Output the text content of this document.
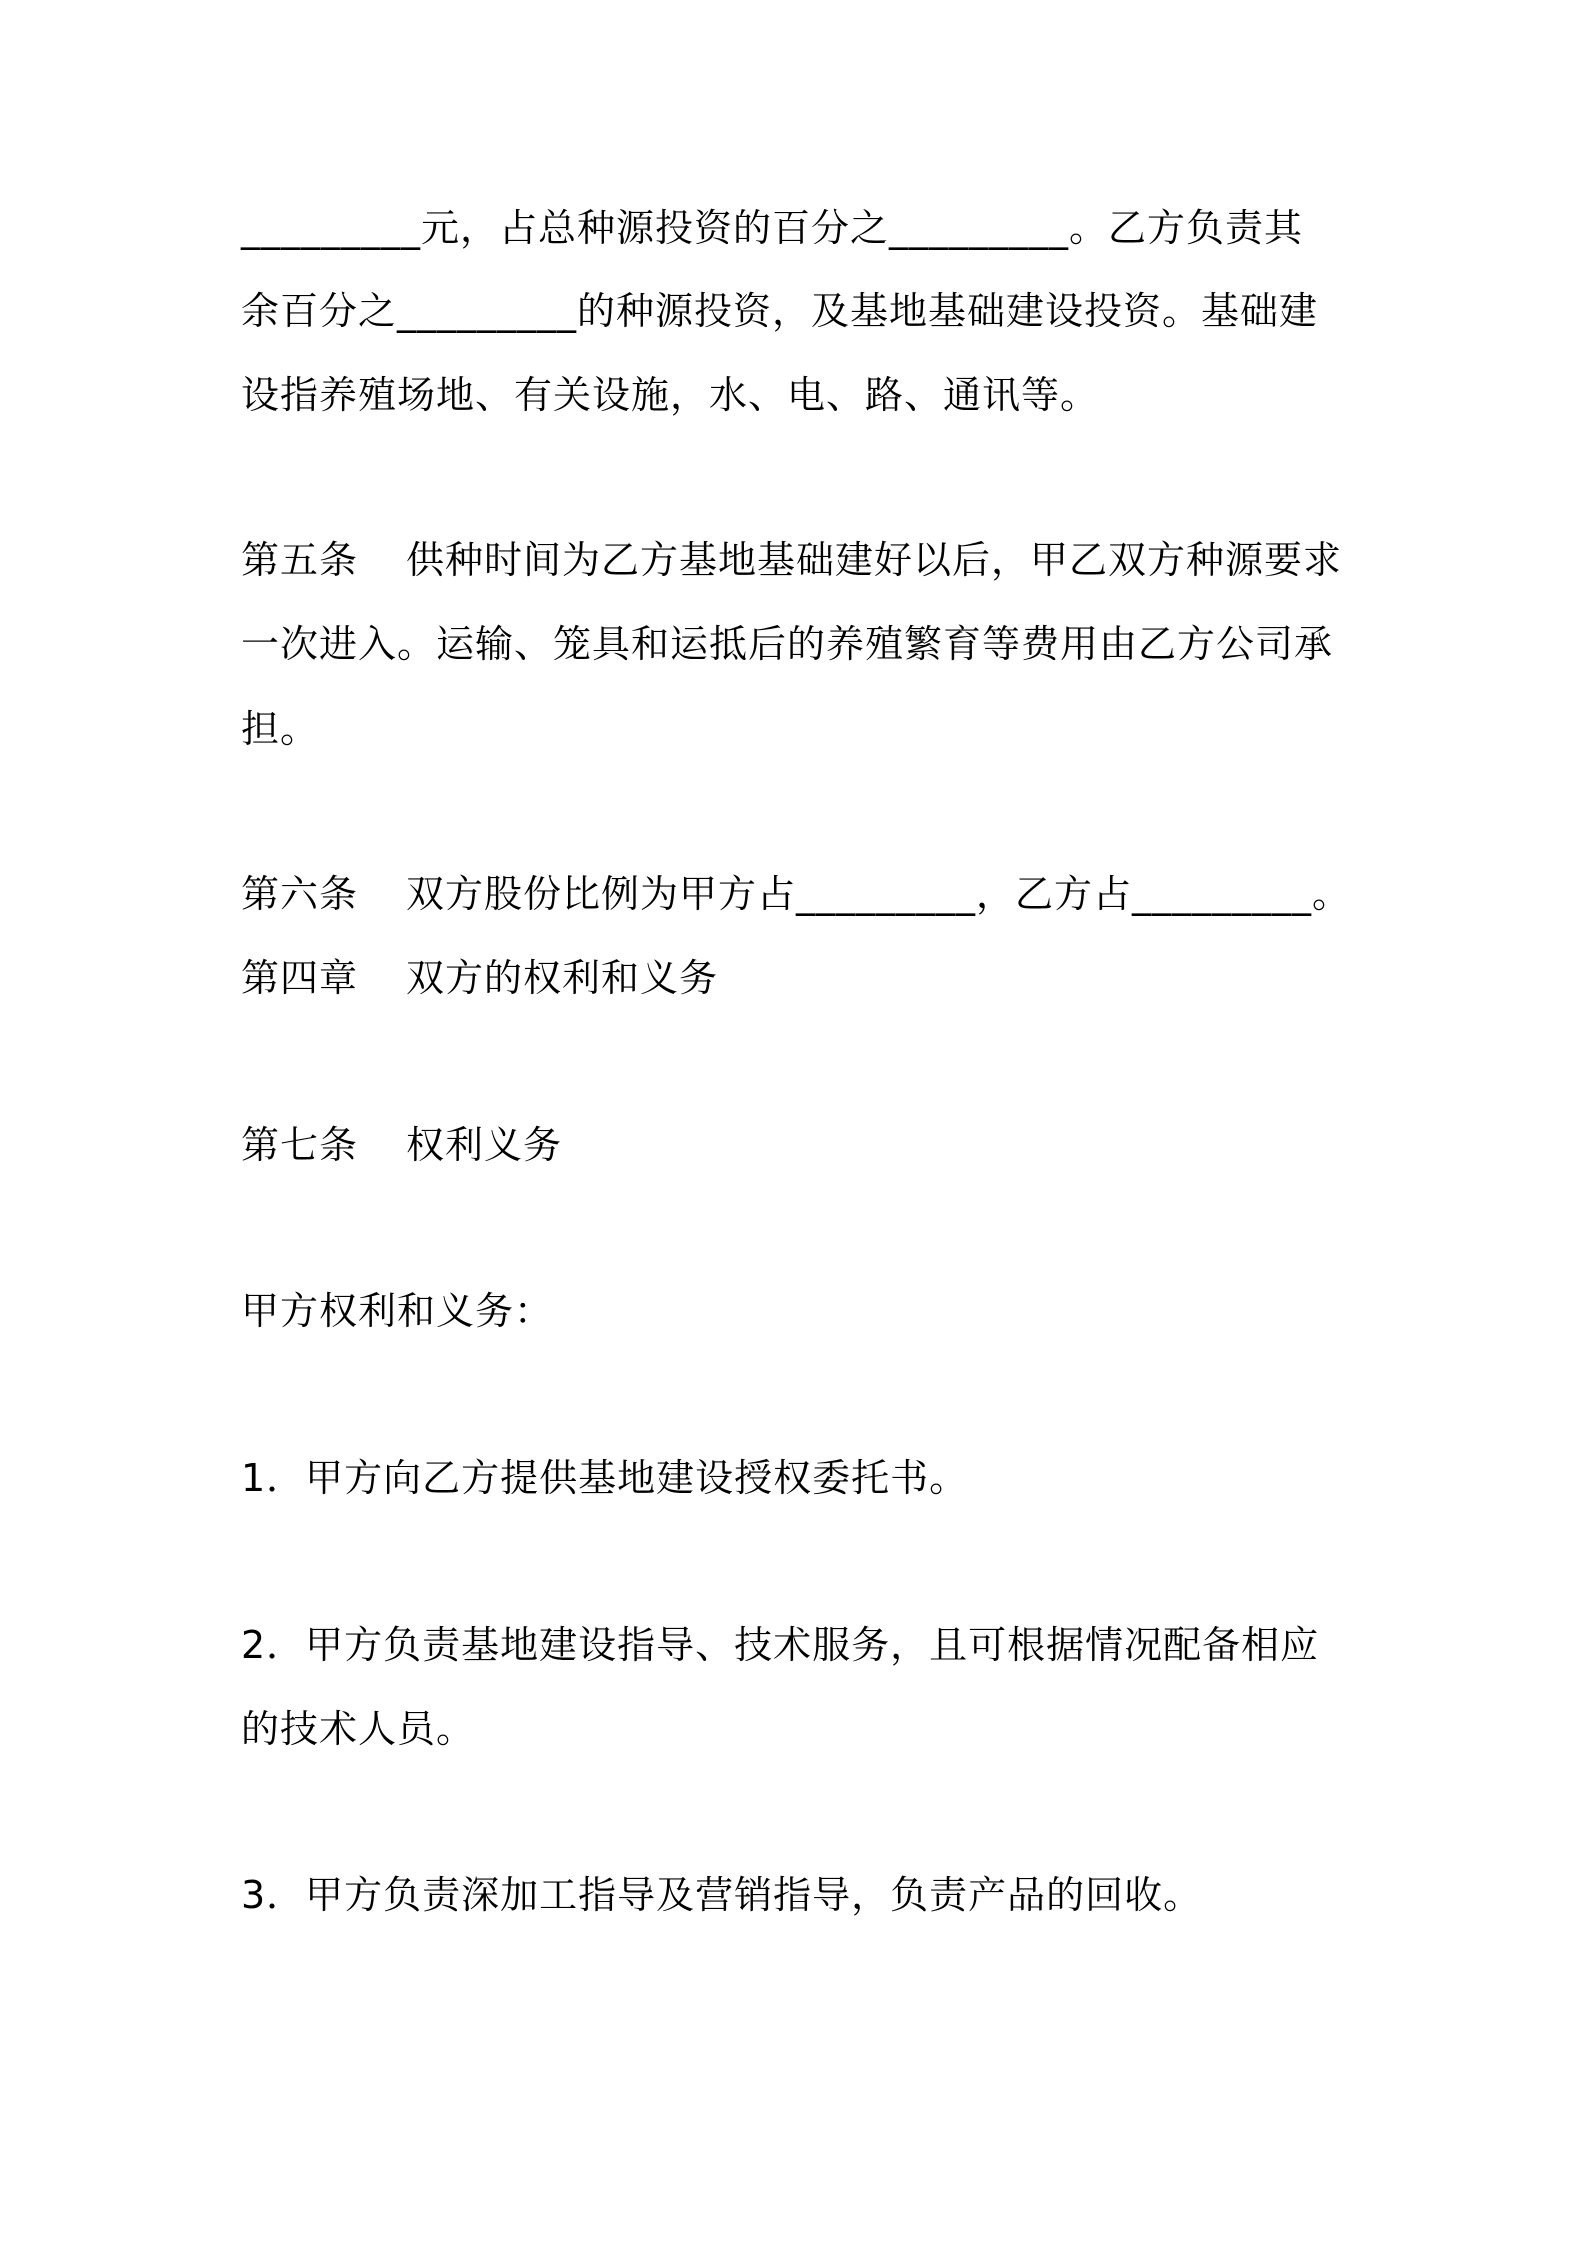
_________元，占总种源投资的百分之_________。乙方负责其
余百分之_________的种源投资，及基地基础建设投资。基础建
设指养殖场地、有关设施，水、电、路、通讯等。
第五条 供种时间为乙方基地基础建好以后，甲乙双方种源要求
一次进入。运输、笼具和运抵后的养殖繁育等费用由乙方公司承
担。
第六条 双方股份比例为甲方占_________，乙方占_________。
第四章 双方的权利和义务
第七条 权利义务
甲方权利和义务：
1．甲方向乙方提供基地建设授权委托书。
2．甲方负责基地建设指导、技术服务，且可根据情况配备相应
的技术人员。
3．甲方负责深加工指导及营销指导，负责产品的回收。
